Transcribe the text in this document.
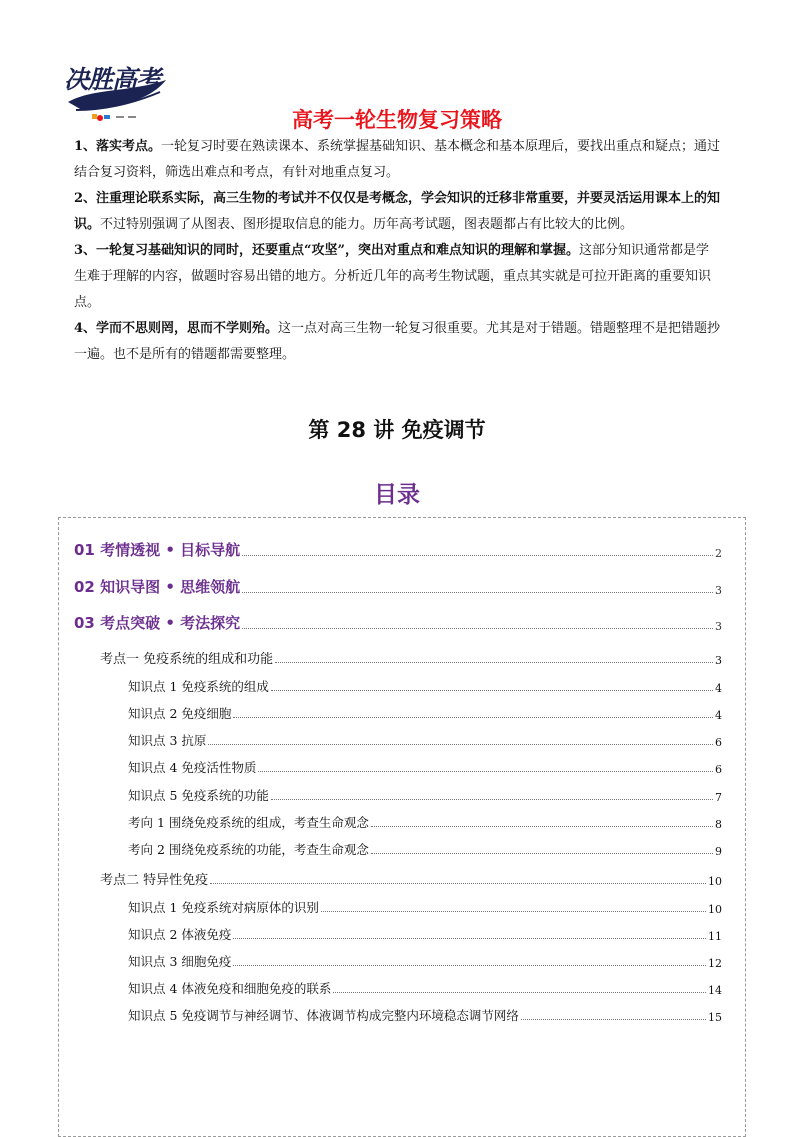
决胜高考
高考一轮生物复习策略

1、落实考点。一轮复习时要在熟读课本、系统掌握基础知识、基本概念和基本原理后，要找出重点和疑点；通过结合复习资料，筛选出难点和考点，有针对地重点复习。

2、注重理论联系实际，高三生物的考试并不仅仅是考概念，学会知识的迁移非常重要，并要灵活运用课本上的知识。不过特别强调了从图表、图形提取信息的能力。历年高考试题，图表题都占有比较大的比例。

3、一轮复习基础知识的同时，还要重点“攻坚”，突出对重点和难点知识的理解和掌握。这部分知识通常都是学生难于理解的内容，做题时容易出错的地方。分析近几年的高考生物试题，重点其实就是可拉开距离的重要知识点。

4、学而不思则罔，思而不学则殆。这一点对高三生物一轮复习很重要。尤其是对于错题。错题整理不是把错题抄一遍。也不是所有的错题都需要整理。

第 28 讲 免疫调节
目录
01 考情透视 • 目标导航	2
02 知识导图 • 思维领航	3
03 考点突破 • 考法探究	3
考点一 免疫系统的组成和功能	3
知识点 1 免疫系统的组成	4
知识点 2 免疫细胞	4
知识点 3 抗原	6
知识点 4 免疫活性物质	6
知识点 5 免疫系统的功能	7
考向 1 围绕免疫系统的组成，考查生命观念	8
考向 2 围绕免疫系统的功能，考查生命观念	9
考点二 特异性免疫	10
知识点 1 免疫系统对病原体的识别	10
知识点 2 体液免疫	11
知识点 3 细胞免疫	12
知识点 4 体液免疫和细胞免疫的联系	14
知识点 5 免疫调节与神经调节、体液调节构成完整内环境稳态调节网络	15
